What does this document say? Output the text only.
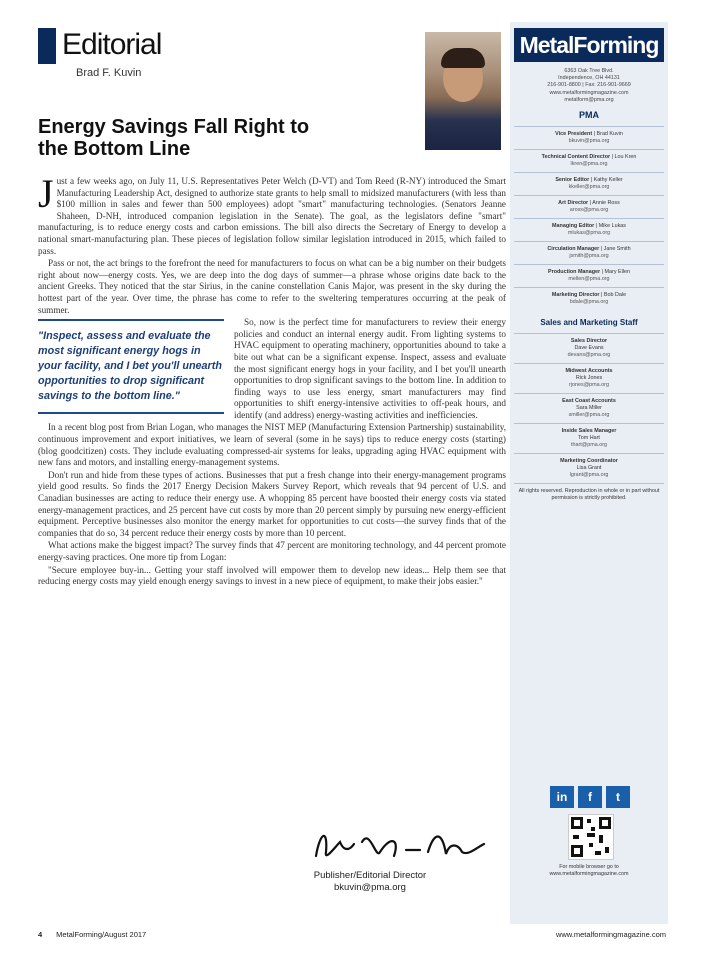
Editorial
Brad F. Kuvin
Energy Savings Fall Right to the Bottom Line

Just a few weeks ago, on July 11, U.S. Representatives Peter Welch (D-VT) and Tom Reed (R-NY) introduced the Smart Manufacturing Leadership Act, designed to authorize state grants to help small to midsized manufacturers (with less than $100 million in sales and fewer than 500 employees) adopt "smart" manufacturing technologies. (Senators Jeanne Shaheen, D-NH, introduced companion legislation in the Senate). The goal, as the legislators define "smart" manufacturing, is to reduce energy costs and carbon emissions. The bill also directs the Secretary of Energy to develop a national smart-manufacturing plan. These pieces of legislation follow similar legislation introduced in 2015, which failed to pass.

Pass or not, the act brings to the forefront the need for manufacturers to focus on what can be a big number on their budgets right about now—energy costs. Yes, we are deep into the dog days of summer—a phrase whose origins date back to the ancient Greeks. They noticed that the star Sirius, in the canine constellation Canis Major, was present in the sky during the hottest part of the year. Over time, the phrase has come to refer to the sweltering temperatures occurring at the peak of summer.

"Inspect, assess and evaluate the most significant energy hogs in your facility, and I bet you'll unearth opportunities to drop significant savings to the bottom line."
So, now is the perfect time for manufacturers to review their energy policies and conduct an internal energy audit. From lighting systems to HVAC equipment to operating machinery, opportunities abound to take a bite out what can be a significant expense. Inspect, assess and evaluate the most significant energy hogs in your facility, and I bet you'll unearth opportunities to drop significant savings to the bottom line. In addition to finding ways to use less energy, smart manufacturers may find opportunities to shift energy-intensive activities to off-peak hours, and identify (and address) energy-wasting activities and inefficiencies.

In a recent blog post from Brian Logan, who manages the NIST MEP (Manufacturing Extension Partnership) sustainability, continuous improvement and export initiatives, we learn of several (some in he says) tips to reduce energy costs (starting) (blog goodcitizen) costs. They include evaluating compressed-air systems for leaks, upgrading aging HVAC equipment with new fans and motors, and installing energy-management systems.

Don't run and hide from these types of actions. Businesses that put a fresh change into their energy-management programs yield good results. So finds the 2017 Energy Decision Makers Survey Report, which reveals that 94 percent of U.S. and Canadian businesses are acting to reduce their energy use. A whopping 85 percent have boosted their energy costs via stated energy-management practices, and 25 percent have cut costs by more than 20 percent simply by pursuing new energy-efficient equipment. Perceptive businesses also monitor the energy market for opportunities to cut costs—the survey finds that of the companies that do so, 34 percent reduce their energy costs by more than 10 percent.

What actions make the biggest impact? The survey finds that 47 percent are monitoring technology, and 44 percent promote energy-saving practices. One more tip from Logan:

"Secure employee buy-in... Getting your staff involved will empower them to develop new ideas... Help them see that reducing energy costs may yield enough energy savings to invest in a new piece of equipment, to make their jobs easier."

Publisher/Editorial Director
bkuvin@pma.org
4 MetalForming/August 2017	www.metalformingmagazine.com
MetalForming
6363 Oak Tree Blvd.
Independence, OH 44131
216-901-8800 | Fax: 216-901-9669
www.metalformingmagazine.com
metalform@pma.org
PMA
Vice President | Brad Kuvin
bkuvin@pma.org
Technical Content Director | Lou Kren
lkren@pma.org
Senior Editor | Kathy Keller
kkeller@pma.org
Art Director | Annie Ross
aross@pma.org
Managing Editor | Mike Lukas
mlukas@pma.org
Circulation Manager | Jane Smith
jsmith@pma.org
Production Manager | Mary Ellen
mellen@pma.org
Marketing Director | Bob Dale
bdale@pma.org
Sales and Marketing Staff
Sales Director
Dave Evans
devans@pma.org
Midwest Accounts
Rick Jones
rjones@pma.org
East Coast Accounts
Sara Miller
smiller@pma.org
Inside Sales Manager
Tom Hart
thart@pma.org
Marketing Coordinator
Lisa Grant
lgrant@pma.org
All rights reserved. Reproduction in whole or in part without permission is strictly prohibited.
in	f	t
For mobile browser go to www.metalformingmagazine.com
